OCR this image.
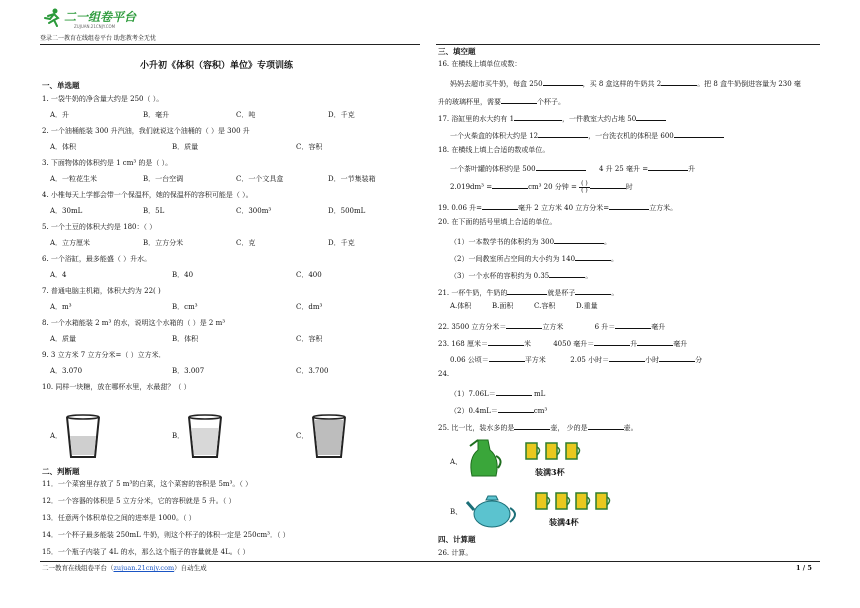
二一组卷平台
ZUJUAN.21CNJY.COM
登录二一教育在线组卷平台 助您教考全无忧
小升初《体积（容积）单位》专项训练
一、单选题
1. 一袋牛奶的净含量大约是 250（ ）。
A．升	B．毫升	C．吨	D．千克
2. 一个油桶能装 300 升汽油，我们就说这个油桶的（ ）是 300 升
A．体积	B．质量	C．容积
3. 下面物体的体积约是 1 cm³ 的是（ ）。
A．一粒花生米	B．一台空调	C．一个文具盒	D．一节集装箱
4. 小椎每天上学都会带一个保温杯，她的保温杯的容积可能是（ ）。
A．30mL	B．5L	C．300m³	D．500mL
5. 一个土豆的体积大约是 180：（ ）
A．立方厘米	B．立方分米	C．克	D．千克
6. 一个浴缸，最多能盛（ ）升水。
A．4	B．40	C．400
7. 普通电脑主机箱，体积大约为 22( )
A．m³	B．cm³	C．dm³
8. 一个水箱能装 2 m³ 的水，说明这个水箱的（ ）是 2 m³
A．质量	B．体积	C．容积
9. 3 立方米 7 立方分米=（ ）立方米．
A．3.070	B．3.007	C．3.700
10. 同样一块糖，放在哪杯水里，水最甜？（ ）
A．	B．	C．
二、判断题
11．一个菜窖里存放了 5 m³的白菜，这个菜窖的容积是 5m³。（ ）
12．一个容器的体积是 5 立方分米，它的容积就是 5 升。（ ）
13．任意两个体积单位之间的进率是 1000。（ ）
14．一个杯子最多能装 250mL 牛奶，则这个杯子的体积一定是 250cm³．（ ）
15．一个瓶子内装了 4L 的水，那么这个瓶子的容量就是 4L。（ ）
三、填空题
16. 在横线上填单位或数：
妈妈去超市买牛奶，每盒 250	，买 8 盒这样的牛奶共 2	。把 8 盒牛奶倒进容量为 230 毫
升的玻璃杯里，需要	个杯子。
17. 浴缸里的水大约有 1	，一件教室大约占地 50
一个火柴盒的体积大约是 12	，一台洗衣机的体积是 600
18. 在横线上填上合适的数或单位。
一个茶叶罐的体积约是 500	4 升 25 毫升 =	升
2.019dm³ =	cm³ 20 分钟 = ( )
( )	时
19. 0.06 升=	毫升 2 立方米 40 立方分米=	立方米。
20. 在下面的括号里填上合适的单位。
（1）一本数学书的体积约为 300	。
（2）一间教室所占空间的大小约为 140	。
（3）一个水杯的容积约为 0.35	。
21. 一杯牛奶，牛奶的	就是杯子	。
A.体积	B.面积	C.容积	D.重量
22. 3500 立方分米＝	立方米	6 升＝	毫升
23. 168 厘米＝	米	4050 毫升＝	升	毫升
0.06 公顷＝	平方米	2.05 小时＝	小时	分
24.
（1）7.06L＝	mL
（2）0.4mL＝	cm³
25. 比一比，装水多的是	壶， 少的是	壶。
A、
装满3杯
B、
装满4杯
四、计算题
26. 计算。
二一教育在线组卷平台（zujuan.21cnjy.com）自动生成	1 / 5
